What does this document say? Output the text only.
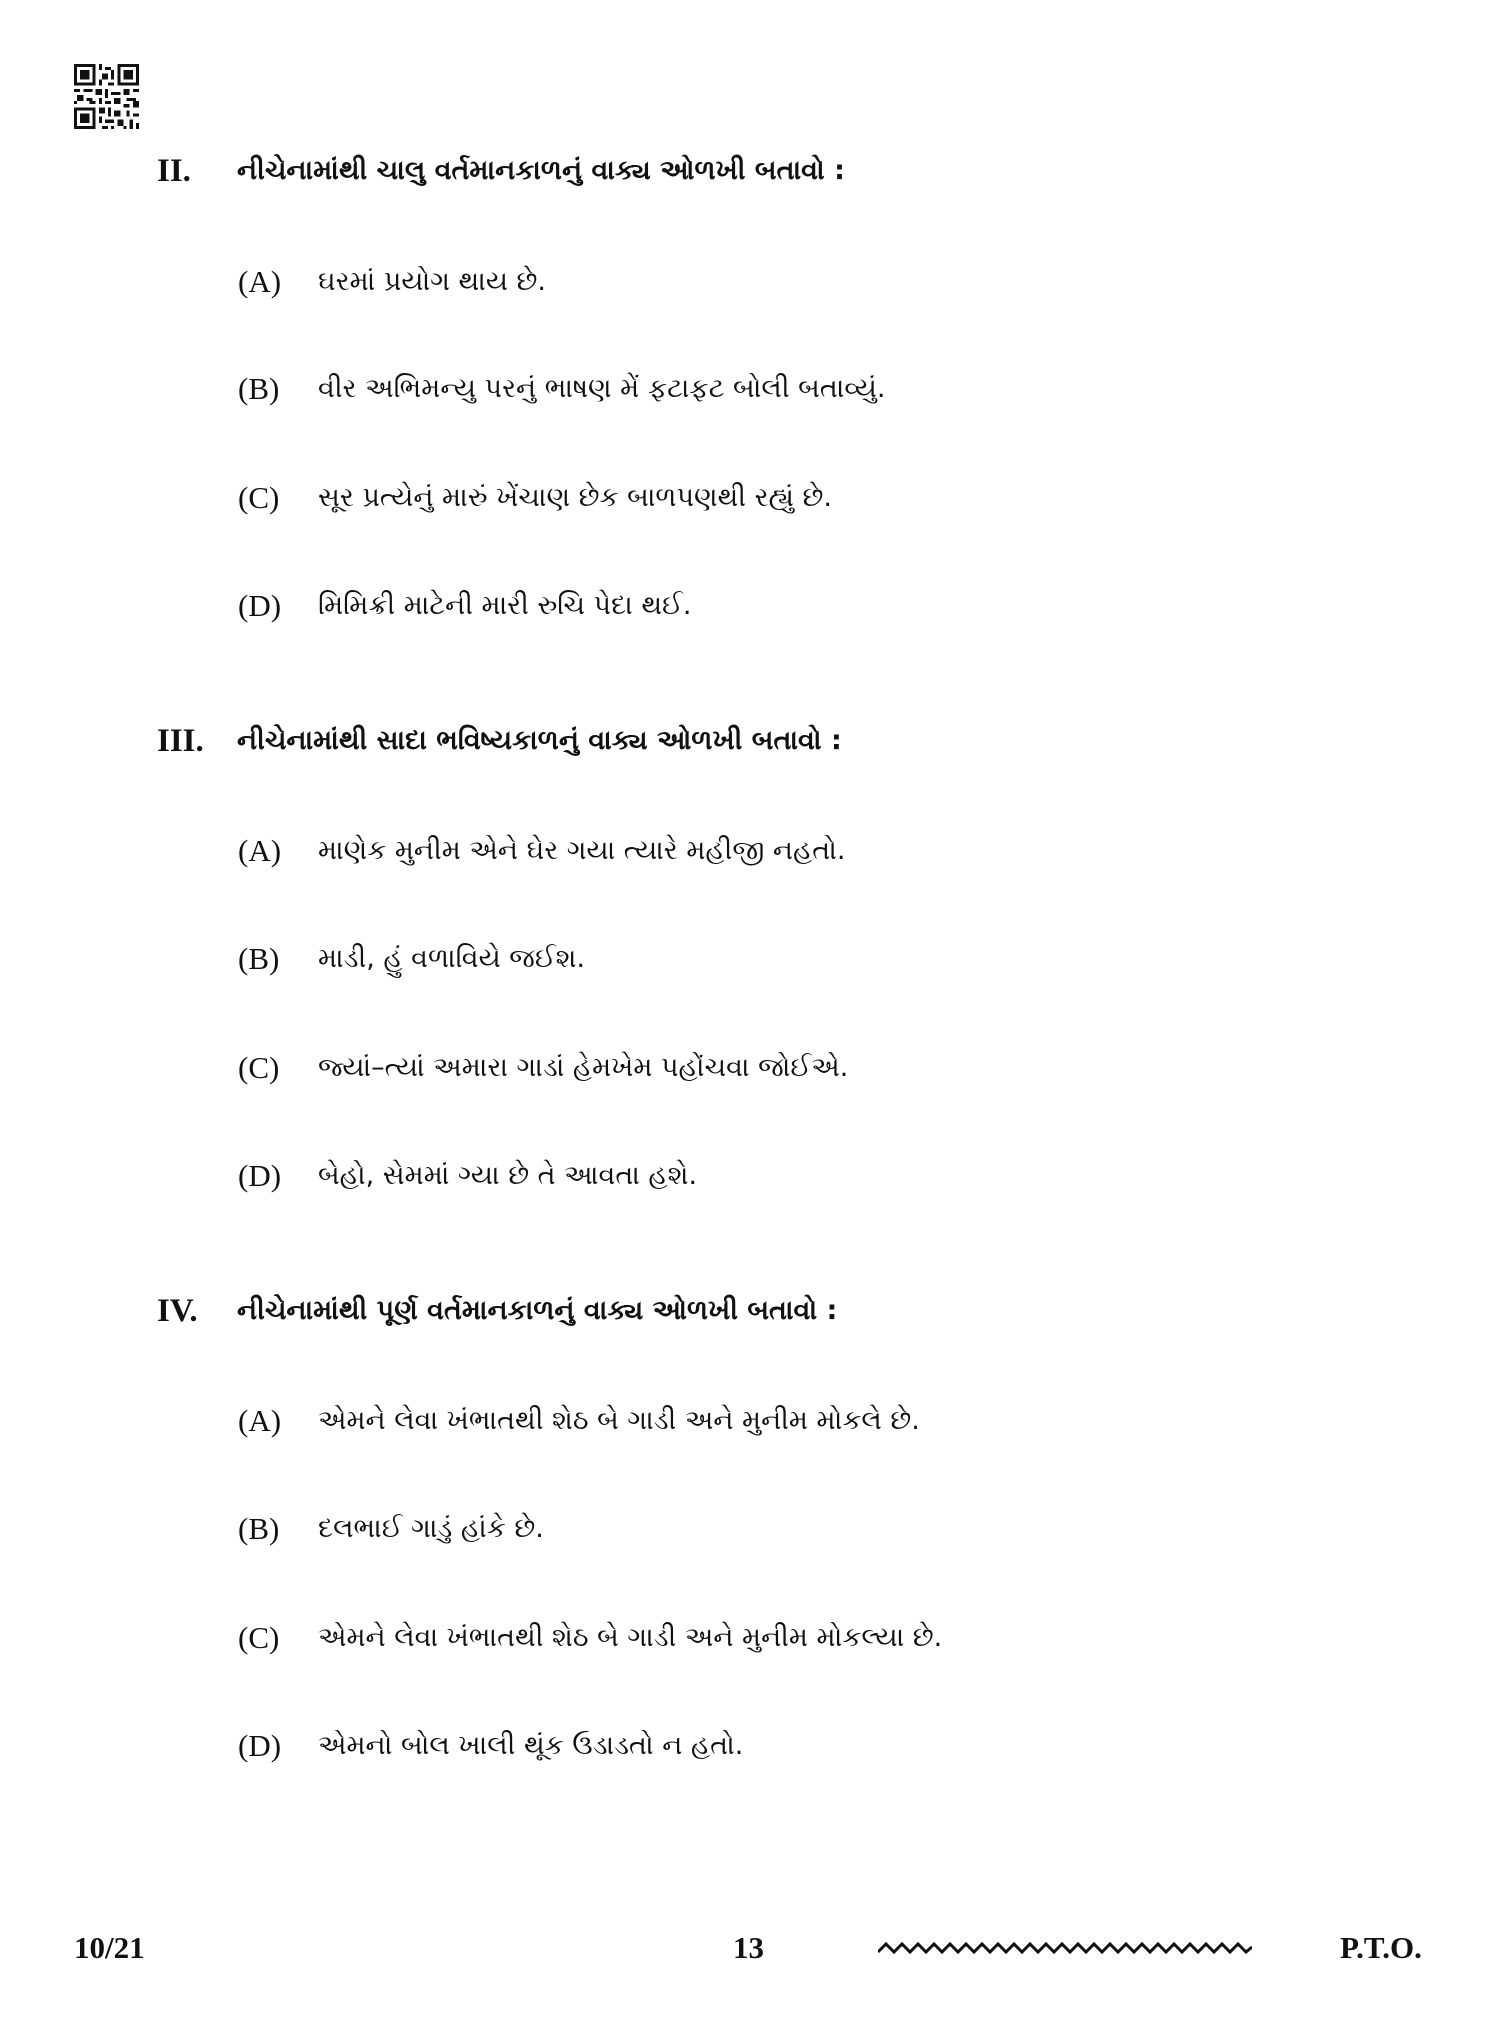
II. નીચેનામાંથી ચાલુ વર્તમાનકાળનું વાક્ય ઓળખી બતાવો :
(A) ઘરમાં પ્રયોગ થાય છે.
(B) વીર અભિમન્યુ પરનું ભાષણ મેં ફટાફટ બોલી બતાવ્યું.
(C) સૂર પ્રત્યેનું મારું ખેંચાણ છેક બાળપણથી રહ્યું છે.
(D) મિમિક્રી માટેની મારી રુચિ પેદા થઈ.
III. નીચેનામાંથી સાદા ભવિષ્યકાળનું વાક્ય ઓળખી બતાવો :
(A) માણેક મુનીમ એને ઘેર ગયા ત્યારે મહીજી નહતો.
(B) માડી, હું વળાવિયે જઈશ.
(C) જ્યાં–ત્યાં અમારા ગાડાં હેમખેમ પહોંચવા જોઈએ.
(D) બેહો, સેમમાં ગ્યા છે તે આવતા હશે.
IV. નીચેનામાંથી પૂર્ણ વર્તમાનકાળનું વાક્ય ઓળખી બતાવો :
(A) એમને લેવા ખંભાતથી શેઠ બે ગાડી અને મુનીમ મોકલે છે.
(B) દલભાઈ ગાડું હાંકે છે.
(C) એમને લેવા ખંભાતથી શેઠ બે ગાડી અને મુનીમ મોકલ્યા છે.
(D) એમનો બોલ ખાલી થૂંક ઉડાડતો ન હતો.
10/21	13	P.T.O.
